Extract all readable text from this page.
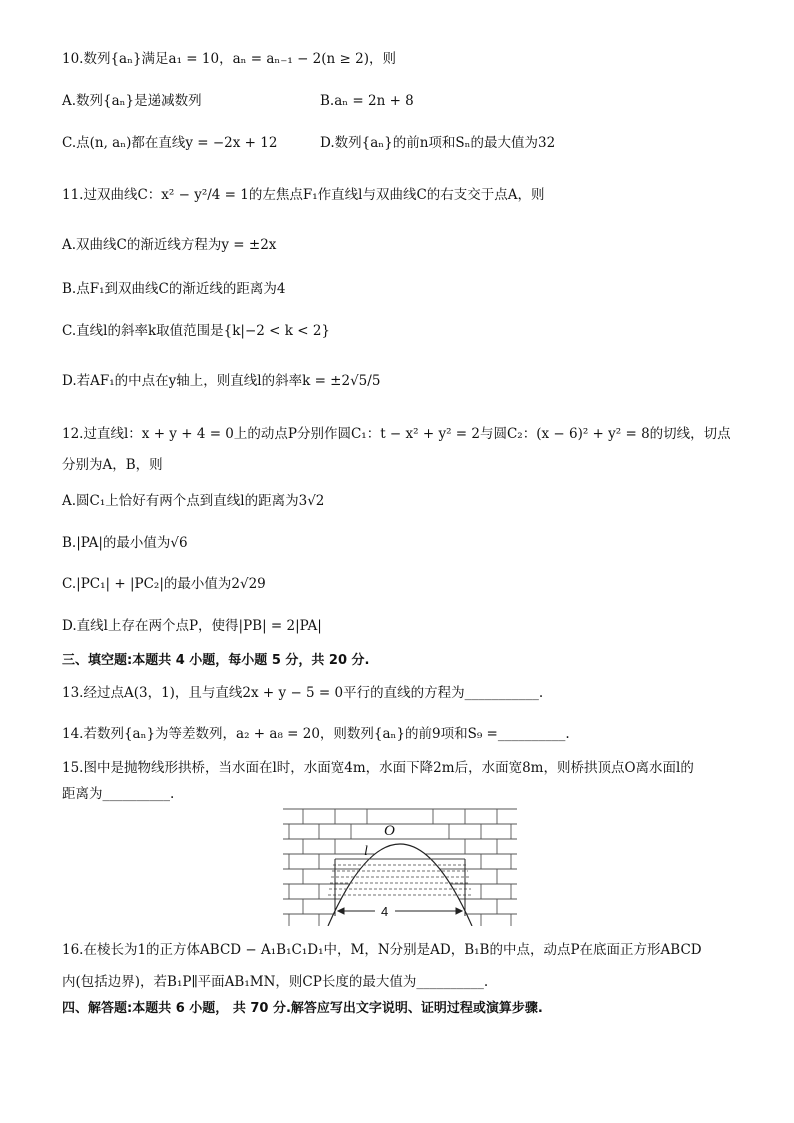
10.数列{aₙ}满足a₁ = 10，aₙ = aₙ₋₁ − 2(n ≥ 2)，则
A.数列{aₙ}是递减数列	B.aₙ = 2n + 8
C.点(n, aₙ)都在直线y = −2x + 12	D.数列{aₙ}的前n项和Sₙ的最大值为32
11.过双曲线C：x² − y²/4 = 1的左焦点F₁作直线l与双曲线C的右支交于点A，则
A.双曲线C的渐近线方程为y = ±2x
B.点F₁到双曲线C的渐近线的距离为4
C.直线l的斜率k取值范围是{k|−2 < k < 2}
D.若AF₁的中点在y轴上，则直线l的斜率k = ±2√5/5
12.过直线l：x + y + 4 = 0上的动点P分别作圆C₁：t − x² + y² = 2与圆C₂：(x − 6)² + y² = 8的切线，切点
分别为A，B，则
A.圆C₁上恰好有两个点到直线l的距离为3√2
B.|PA|的最小值为√6
C.|PC₁| + |PC₂|的最小值为2√29
D.直线l上存在两个点P，使得|PB| = 2|PA|
三、填空题:本题共 4 小题，每小题 5 分，共 20 分.
13.经过点A(3，1)，且与直线2x + y − 5 = 0平行的直线的方程为___________.
14.若数列{aₙ}为等差数列，a₂ + a₈ = 20，则数列{aₙ}的前9项和S₉ =__________.
15.图中是抛物线形拱桥，当水面在l时，水面宽4m，水面下降2m后，水面宽8m，则桥拱顶点O离水面l的
距离为__________.
O
l
4
16.在棱长为1的正方体ABCD − A₁B₁C₁D₁中，M，N分别是AD，B₁B的中点，动点P在底面正方形ABCD
内(包括边界)，若B₁P∥平面AB₁MN，则CP长度的最大值为__________.
四、解答题:本题共 6 小题， 共 70 分.解答应写出文字说明、证明过程或演算步骤.
